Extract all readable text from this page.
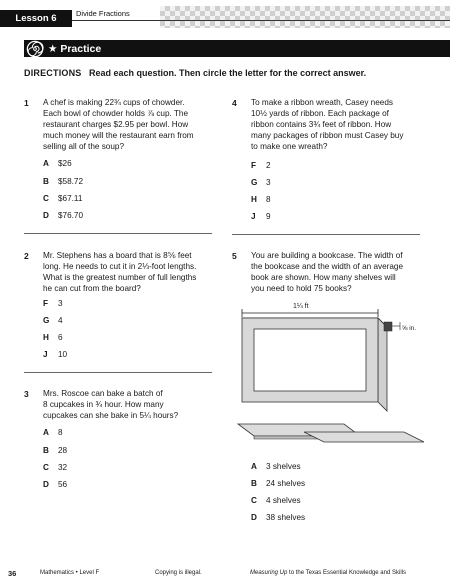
Lesson 6	Divide Fractions
★ Practice
DIRECTIONS Read each question. Then circle the letter for the correct answer.
1 A chef is making 22¾ cups of chowder.
Each bowl of chowder holds ⅞ cup. The
restaurant charges $2.95 per bowl. How
much money will the restaurant earn from
selling all of the soup?
A	$26
B	$58.72
C	$67.11
D	$76.70
2 Mr. Stephens has a board that is 8⅚ feet
long. He needs to cut it in 2⅓-foot lengths.
What is the greatest number of full lengths
he can cut from the board?
F	3
G	4
H	6
J	10
3 Mrs. Roscoe can bake a batch of
8 cupcakes in ¾ hour. How many
cupcakes can she bake in 5¼ hours?
A	8
B	28
C	32
D	56
4 To make a ribbon wreath, Casey needs
10½ yards of ribbon. Each package of
ribbon contains 3¾ feet of ribbon. How
many packages of ribbon must Casey buy
to make one wreath?
F	2
G	3
H	8
J	9
5 You are building a bookcase. The width of
the bookcase and the width of an average
book are shown. How many shelves will
you need to hold 75 books?
1¼ ft
⅝ in.
A	3 shelves
B	24 shelves
C	4 shelves
D	38 shelves
36	Mathematics • Level F	Copying is illegal.	Measuring Up to the Texas Essential Knowledge and Skills
